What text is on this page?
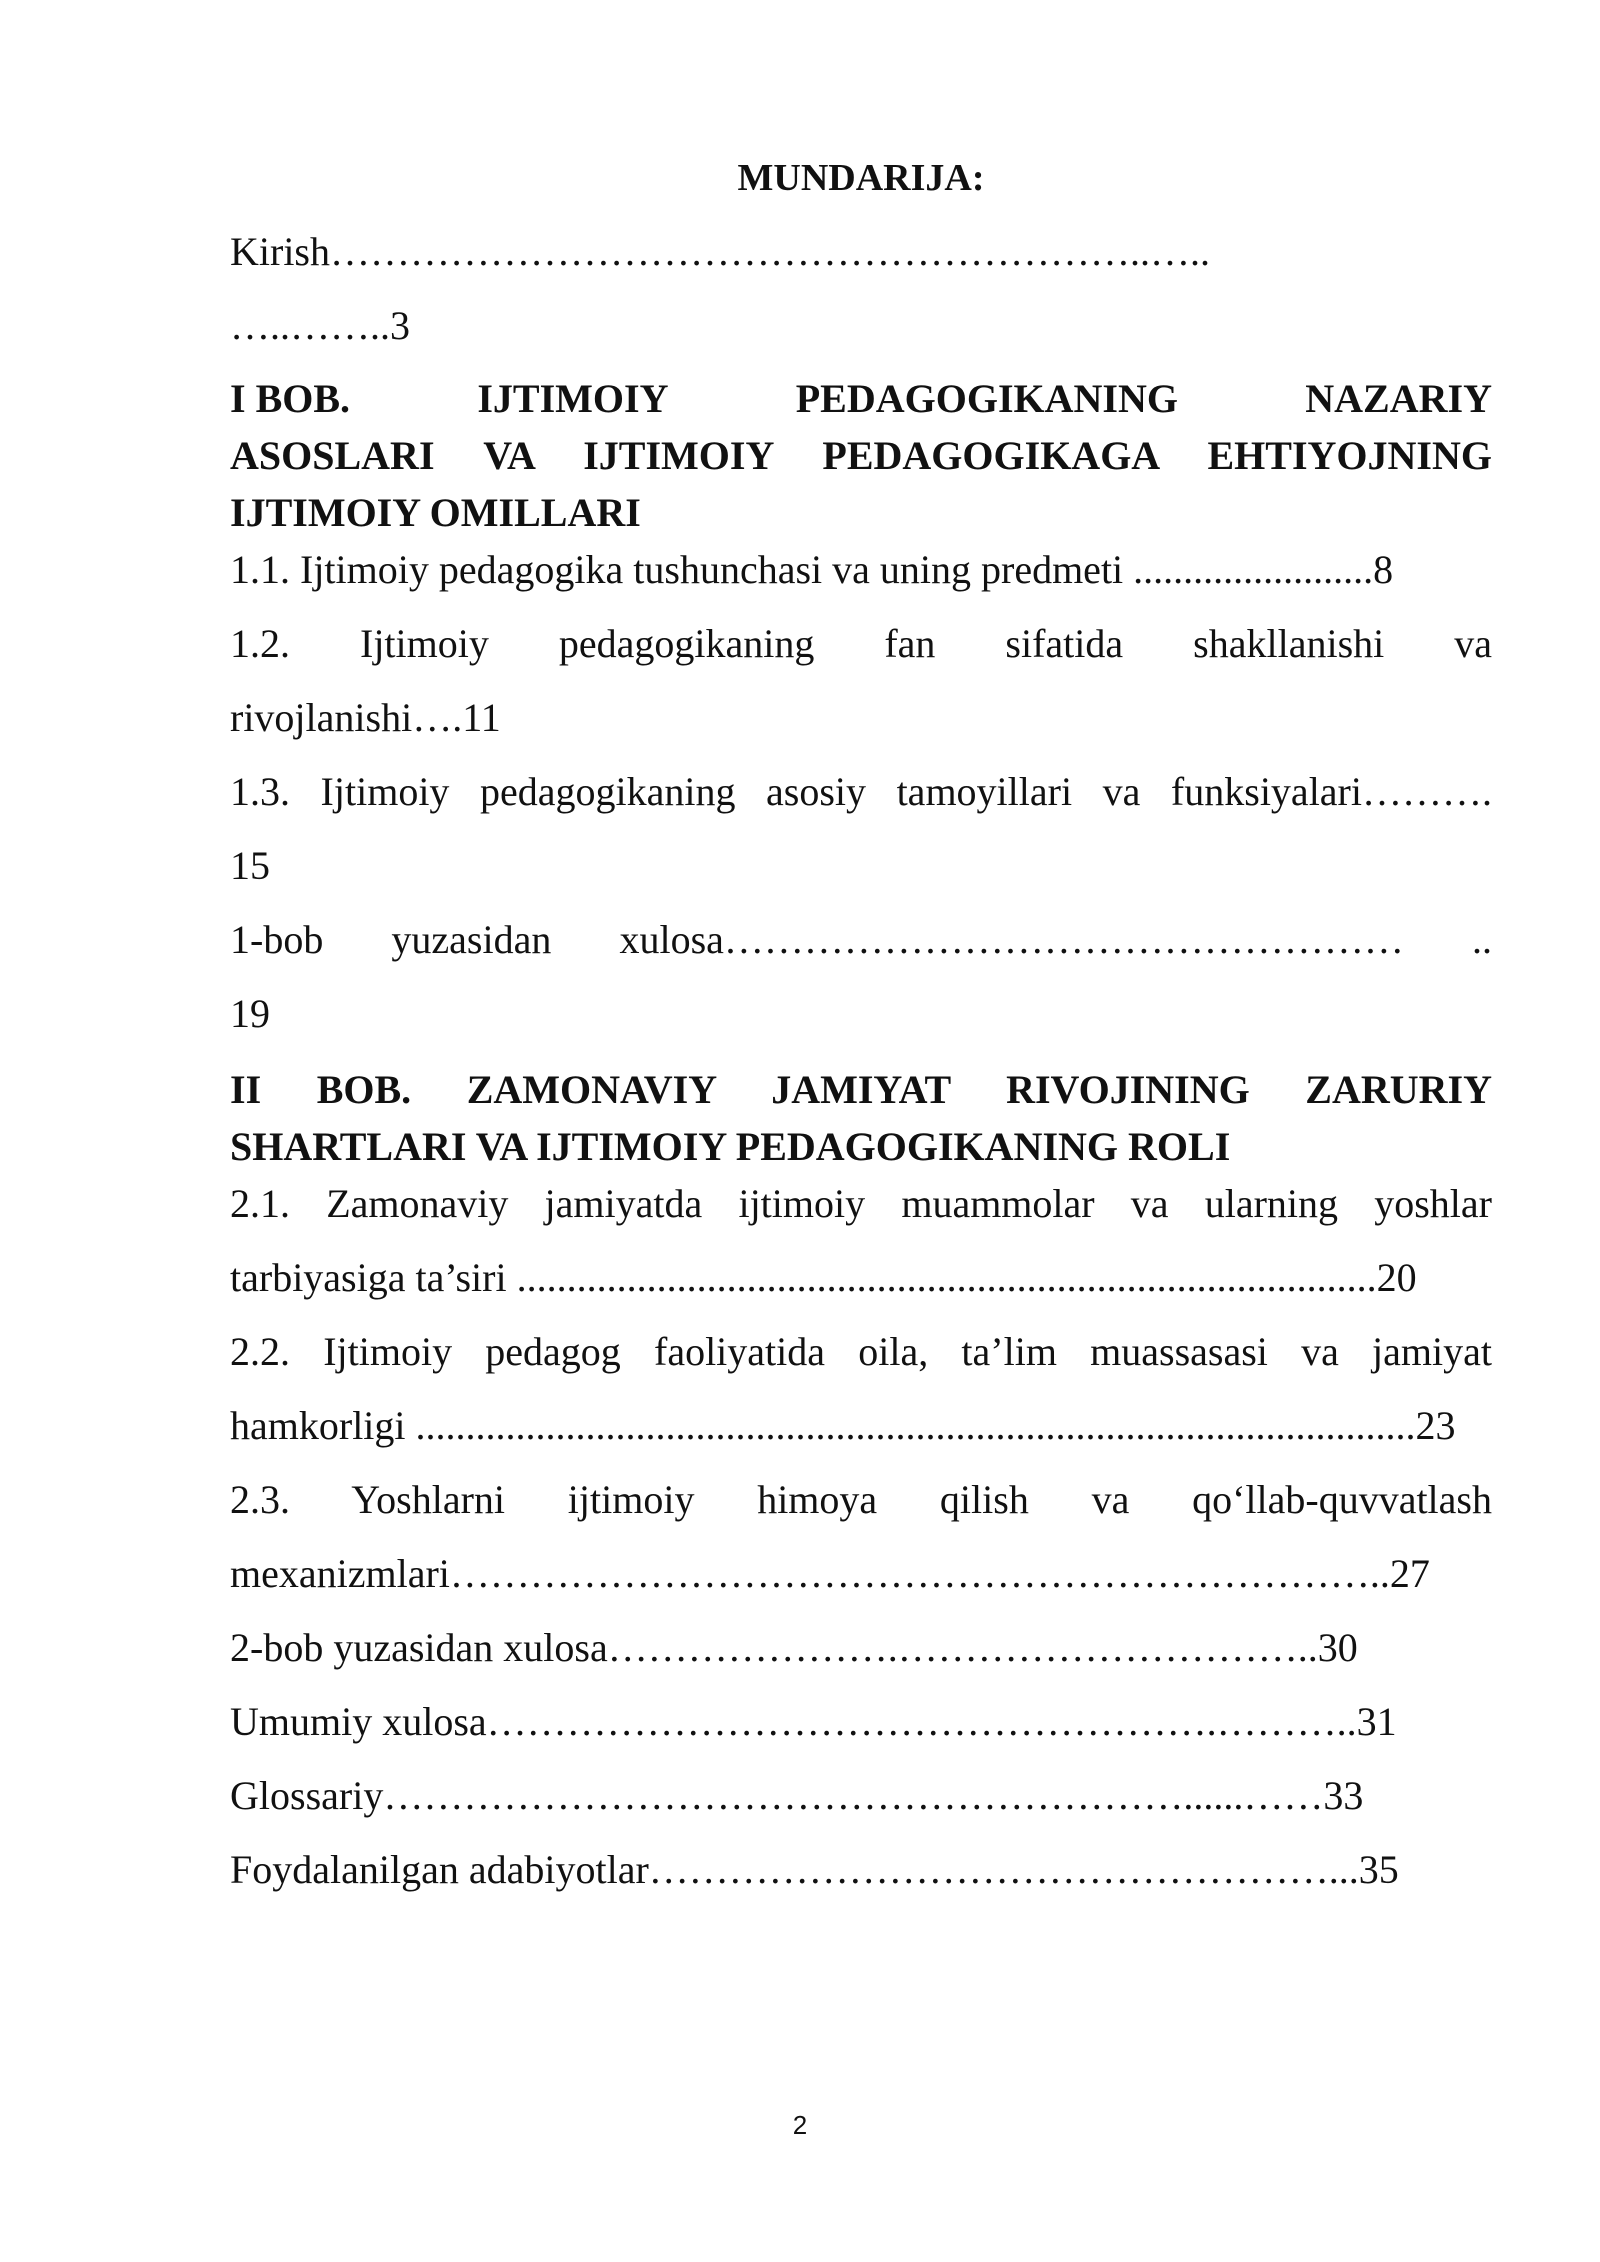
MUNDARIJA:
Kirish……………………………………………………..…..
…..……..3
I BOB.	IJTIMOIY	PEDAGOGIKANING	NAZARIY
ASOSLARI VA IJTIMOIY PEDAGOGIKAGA EHTIYOJNING
IJTIMOIY OMILLARI
1.1. Ijtimoiy pedagogika tushunchasi va uning predmeti ........................8
1.2. Ijtimoiy pedagogikaning fan sifatida shakllanishi va
rivojlanishi….11
1.3. Ijtimoiy pedagogikaning asosiy tamoyillari va funksiyalari……….
15
1-bob yuzasidan xulosa…………………………………………… ..
19
II BOB. ZAMONAVIY JAMIYAT RIVOJINING ZARURIY
SHARTLARI VA IJTIMOIY PEDAGOGIKANING ROLI
2.1. Zamonaviy jamiyatda ijtimoiy muammolar va ularning yoshlar
tarbiyasiga ta’siri ......................................................................................20
2.2. Ijtimoiy pedagog faoliyatida oila, ta’lim muassasasi va jamiyat
hamkorligi ....................................................................................................23
2.3. Yoshlarni ijtimoiy himoya qilish va qo‘llab-quvvatlash
mexanizmlari……………………………………………………………..27
2-bob yuzasidan xulosa………………….…………………………..30
Umumiy xulosa……………………………………………….………..31
Glossariy……………………………………………………......……33
Foydalanilgan adabiyotlar……………………………………………...35
2
